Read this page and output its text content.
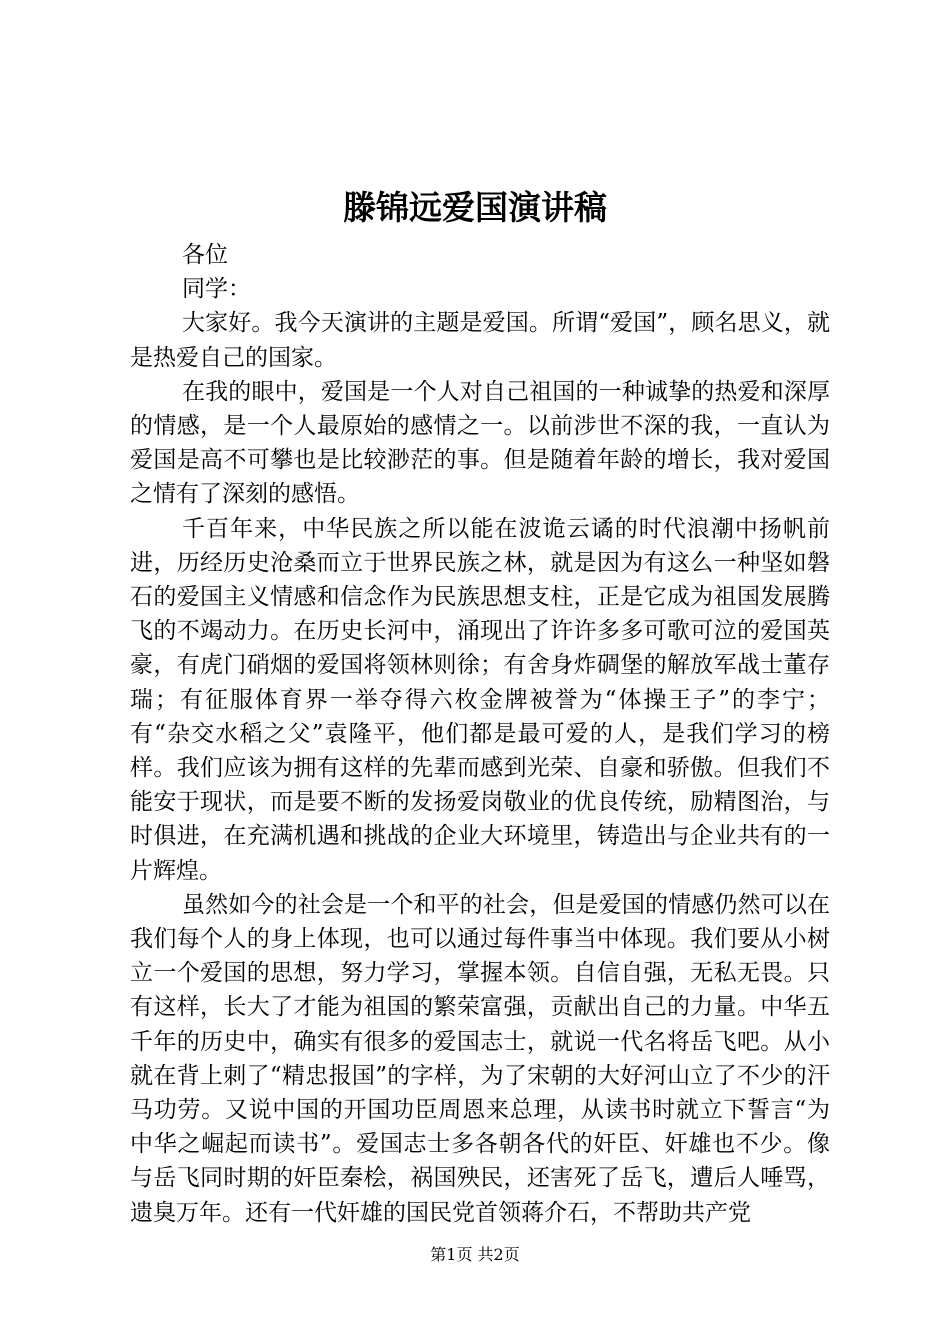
滕锦远爱国演讲稿

各位

同学：

大家好。我今天演讲的主题是爱国。所谓“爱国”，顾名思义，就是热爱自己的国家。

在我的眼中，爱国是一个人对自己祖国的一种诚挚的热爱和深厚的情感，是一个人最原始的感情之一。以前涉世不深的我，一直认为爱国是高不可攀也是比较渺茫的事。但是随着年龄的增长，我对爱国之情有了深刻的感悟。

千百年来，中华民族之所以能在波诡云谲的时代浪潮中扬帆前进，历经历史沧桑而立于世界民族之林，就是因为有这么一种坚如磐石的爱国主义情感和信念作为民族思想支柱，正是它成为祖国发展腾飞的不竭动力。在历史长河中，涌现出了许许多多可歌可泣的爱国英豪，有虎门硝烟的爱国将领林则徐；有舍身炸碉堡的解放军战士董存瑞；有征服体育界一举夺得六枚金牌被誉为“体操王子”的李宁；有“杂交水稻之父”袁隆平，他们都是最可爱的人，是我们学习的榜样。我们应该为拥有这样的先辈而感到光荣、自豪和骄傲。但我们不能安于现状，而是要不断的发扬爱岗敬业的优良传统，励精图治，与时俱进，在充满机遇和挑战的企业大环境里，铸造出与企业共有的一片辉煌。

虽然如今的社会是一个和平的社会，但是爱国的情感仍然可以在我们每个人的身上体现，也可以通过每件事当中体现。我们要从小树立一个爱国的思想，努力学习，掌握本领。自信自强，无私无畏。只有这样，长大了才能为祖国的繁荣富强，贡献出自己的力量。中华五千年的历史中，确实有很多的爱国志士，就说一代名将岳飞吧。从小就在背上刺了“精忠报国”的字样，为了宋朝的大好河山立了不少的汗马功劳。又说中国的开国功臣周恩来总理，从读书时就立下誓言“为中华之崛起而读书”。爱国志士多各朝各代的奸臣、奸雄也不少。像与岳飞同时期的奸臣秦桧，祸国殃民，还害死了岳飞，遭后人唾骂，遗臭万年。还有一代奸雄的国民党首领蒋介石，不帮助共产党

第1页 共2页
